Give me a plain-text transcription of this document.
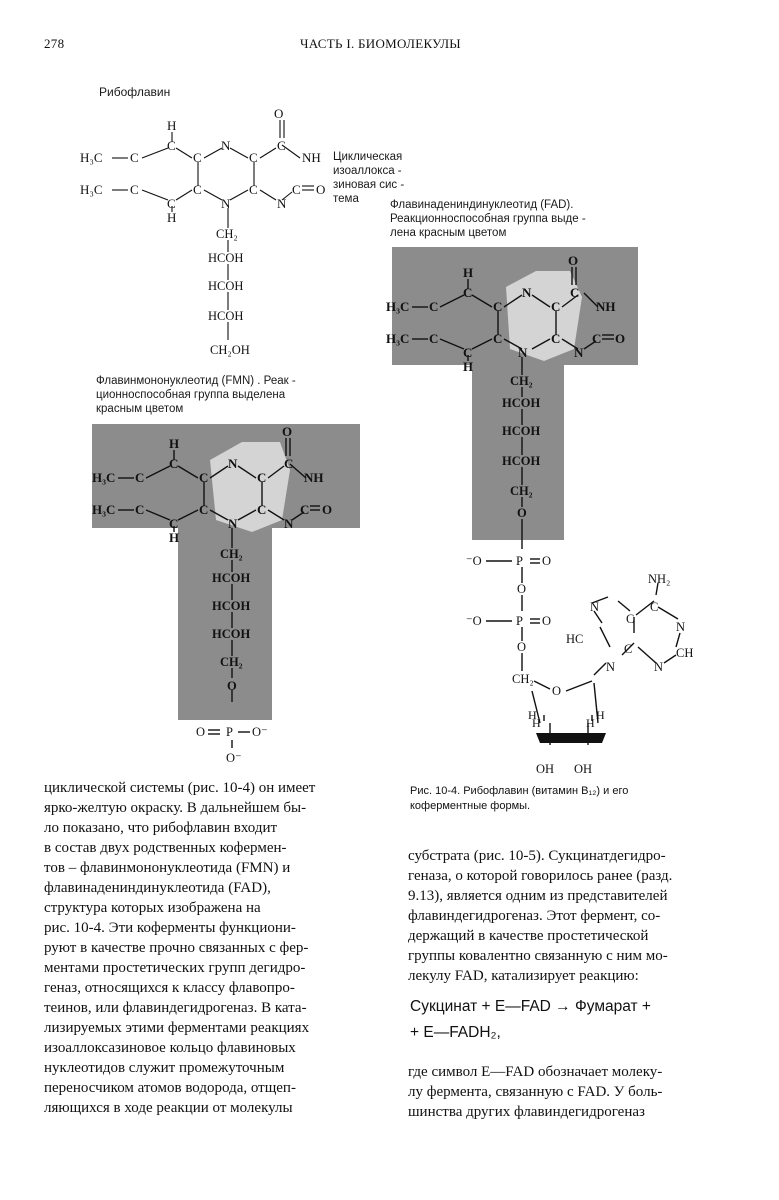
278	ЧАСТЬ I. БИОМОЛЕКУЛЫ
Рибофлавин
Циклическая
изоаллокса -
зиновая сис -
тема
H
H₃C
H₃C
C
C
C
C
H
C
C
N
N
C
C
O
C
NH
C O
N
CH₂
HCOH
HCOH
HCOH
CH₂OH
Флавинмононуклеотид (FMN) . Реак -
ционноспособная группа выделена
красным цветом
H
H₃C
H₃C
C
C
C
C
H
C
C
N
N
C
C
O
C
NH
C O
N
CH₂
HCOH
HCOH
HCOH
CH₂
O
O P O⁻
O⁻
Флавинадениндинуклеотид (FAD).
Реакционноспособная группа выде -
лена красным цветом
H
H₃C
H₃C
C
C
C
C
H
C
C
N
N
C
C
O
C
NH
C O
N
CH₂
HCOH
HCOH
HCOH
CH₂
O
⁻O	P O
O
⁻O	P O
O
CH₂
O
H	H
H	H
OH OH
N
HC
N
C
C
C
NH₂
N
N
CH
Рис. 10-4. Рибофлавин (витамин B₁₂) и его
коферментные формы.

циклической системы (рис. 10-4) он имеет

ярко-желтую окраску. В дальнейшем бы-

ло показано, что рибофлавин входит

в состав двух родственных кофермен-

тов – флавинмононуклеотида (FMN) и

флавинадениндинуклеотида (FAD),

структура которых изображена на

рис. 10-4. Эти коферменты функциони-

руют в качестве прочно связанных с фер-

ментами простетических групп дегидро-

геназ, относящихся к классу флавопро-

теинов, или флавиндегидрогеназ. В ката-

лизируемых этими ферментами реакциях

изоаллоксазиновое кольцо флавиновых

нуклеотидов служит промежуточным

переносчиком атомов водорода, отщеп-

ляющихся в ходе реакции от молекулы

субстрата (рис. 10-5). Сукцинатдегидро-

геназа, о которой говорилось ранее (разд.

9.13), является одним из представителей

флавиндегидрогеназ. Этот фермент, со-

держащий в качестве простетической

группы ковалентно связанную с ним мо-

лекулу FAD, катализирует реакцию:

Сукцинат + E—FAD → Фумарат +
+ E—FADH₂,

где символ E—FAD обозначает молеку-

лу фермента, связанную с FAD. У боль-

шинства других флавиндегидрогеназ
